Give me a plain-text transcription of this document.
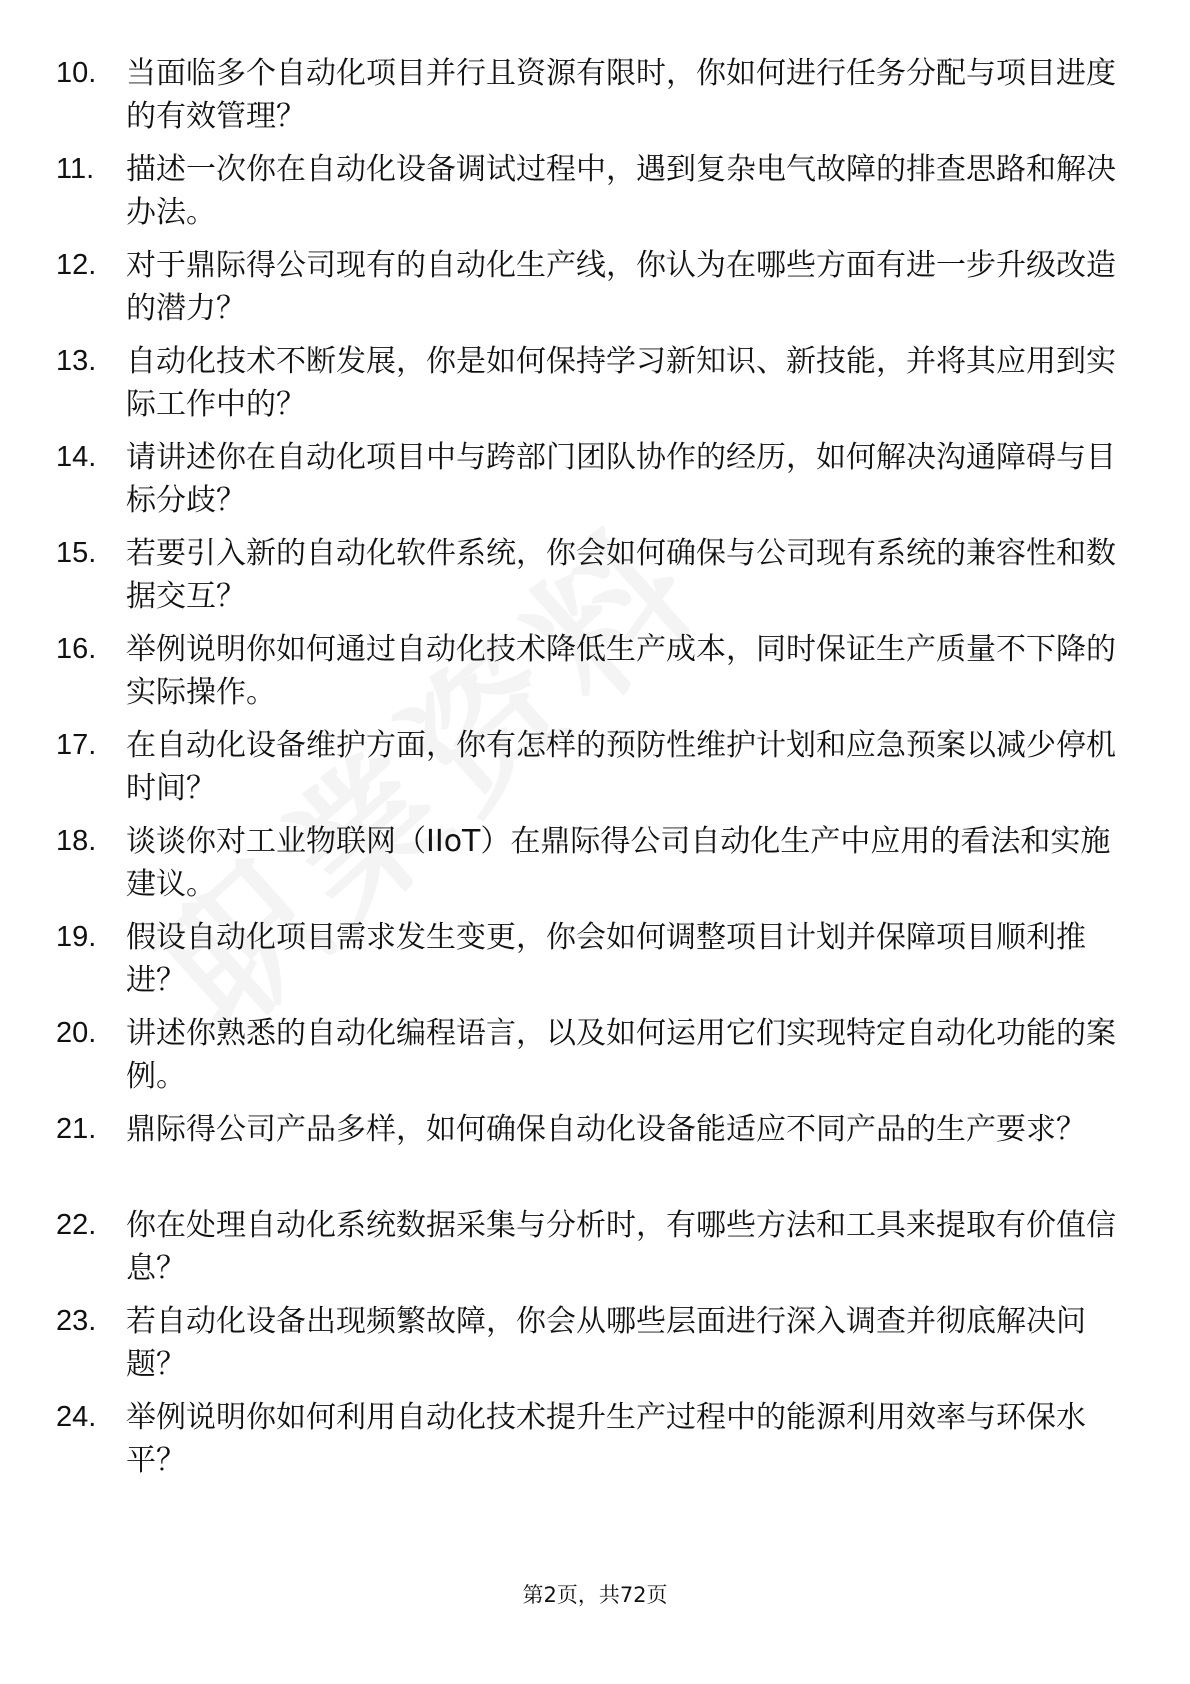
10. 当面临多个自动化项目并行且资源有限时，你如何进行任务分配与项目进度的有效管理？
11. 描述一次你在自动化设备调试过程中，遇到复杂电气故障的排查思路和解决办法。
12. 对于鼎际得公司现有的自动化生产线，你认为在哪些方面有进一步升级改造的潜力？
13. 自动化技术不断发展，你是如何保持学习新知识、新技能，并将其应用到实际工作中的？
14. 请讲述你在自动化项目中与跨部门团队协作的经历，如何解决沟通障碍与目标分歧？
15. 若要引入新的自动化软件系统，你会如何确保与公司现有系统的兼容性和数据交互？
16. 举例说明你如何通过自动化技术降低生产成本，同时保证生产质量不下降的实际操作。
17. 在自动化设备维护方面，你有怎样的预防性维护计划和应急预案以减少停机时间？
18. 谈谈你对工业物联网（IIoT）在鼎际得公司自动化生产中应用的看法和实施建议。
19. 假设自动化项目需求发生变更，你会如何调整项目计划并保障项目顺利推进？
20. 讲述你熟悉的自动化编程语言，以及如何运用它们实现特定自动化功能的案例。
21. 鼎际得公司产品多样，如何确保自动化设备能适应不同产品的生产要求？
22. 你在处理自动化系统数据采集与分析时，有哪些方法和工具来提取有价值信息？
23. 若自动化设备出现频繁故障，你会从哪些层面进行深入调查并彻底解决问题？
24. 举例说明你如何利用自动化技术提升生产过程中的能源利用效率与环保水平？
第2页，共72页
